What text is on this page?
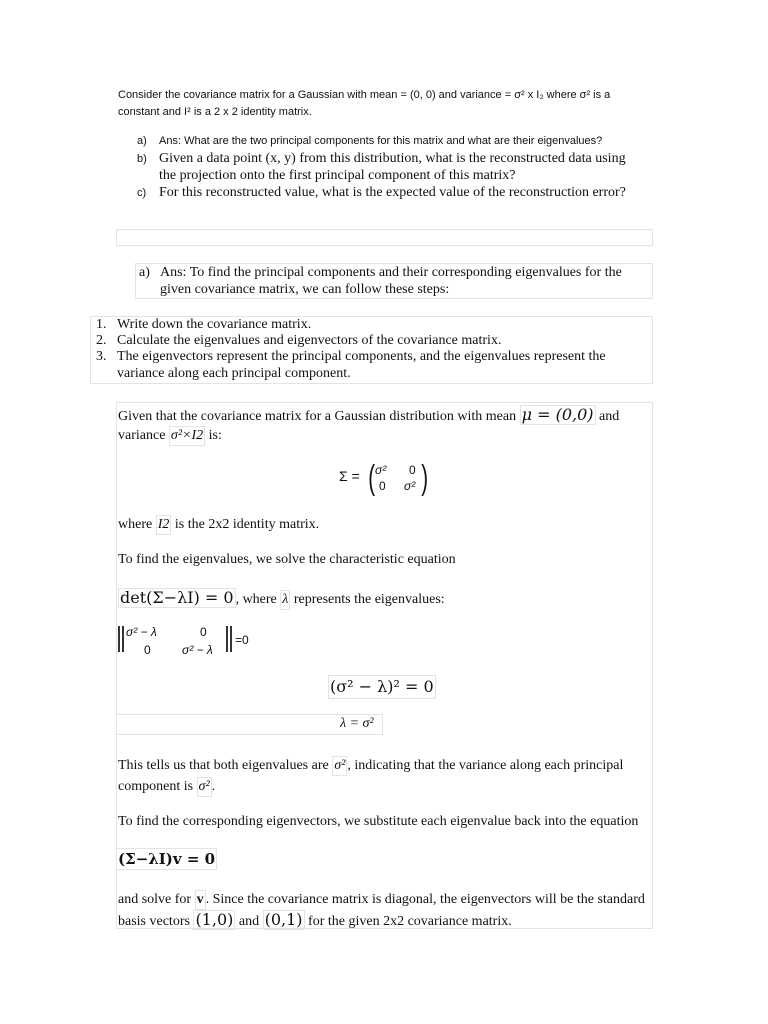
Consider the covariance matrix for a Gaussian with mean = (0, 0) and variance = σ² x I₂ where σ² is a
constant and I² is a 2 x 2 identity matrix.
a) Ans: What are the two principal components for this matrix and what are their eigenvalues?
b) Given a data point (x, y) from this distribution, what is the reconstructed data using
the projection onto the first principal component of this matrix?
c) For this reconstructed value, what is the expected value of the reconstruction error?
a) Ans: To find the principal components and their corresponding eigenvalues for the
given covariance matrix, we can follow these steps:
1. Write down the covariance matrix.
2. Calculate the eigenvalues and eigenvectors of the covariance matrix.
3. The eigenvectors represent the principal components, and the eigenvalues represent the
variance along each principal component.
Given that the covariance matrix for a Gaussian distribution with mean μ = (0,0) and
variance σ²×I2 is:
Σ = ( σ² 0
0 σ² )
where I2 is the 2x2 identity matrix.
To find the eigenvalues, we solve the characteristic equation
det(Σ−λI) = 0 , where λ represents the eigenvalues:
σ² − λ	0
0	σ² − λ
=0
(σ² − λ)² = 0
λ = σ²
This tells us that both eigenvalues are σ² , indicating that the variance along each principal
component is σ² .
To find the corresponding eigenvectors, we substitute each eigenvalue back into the equation
(Σ−λI)v = 0
and solve for v . Since the covariance matrix is diagonal, the eigenvectors will be the standard
basis vectors (1,0) and (0,1) for the given 2x2 covariance matrix.
